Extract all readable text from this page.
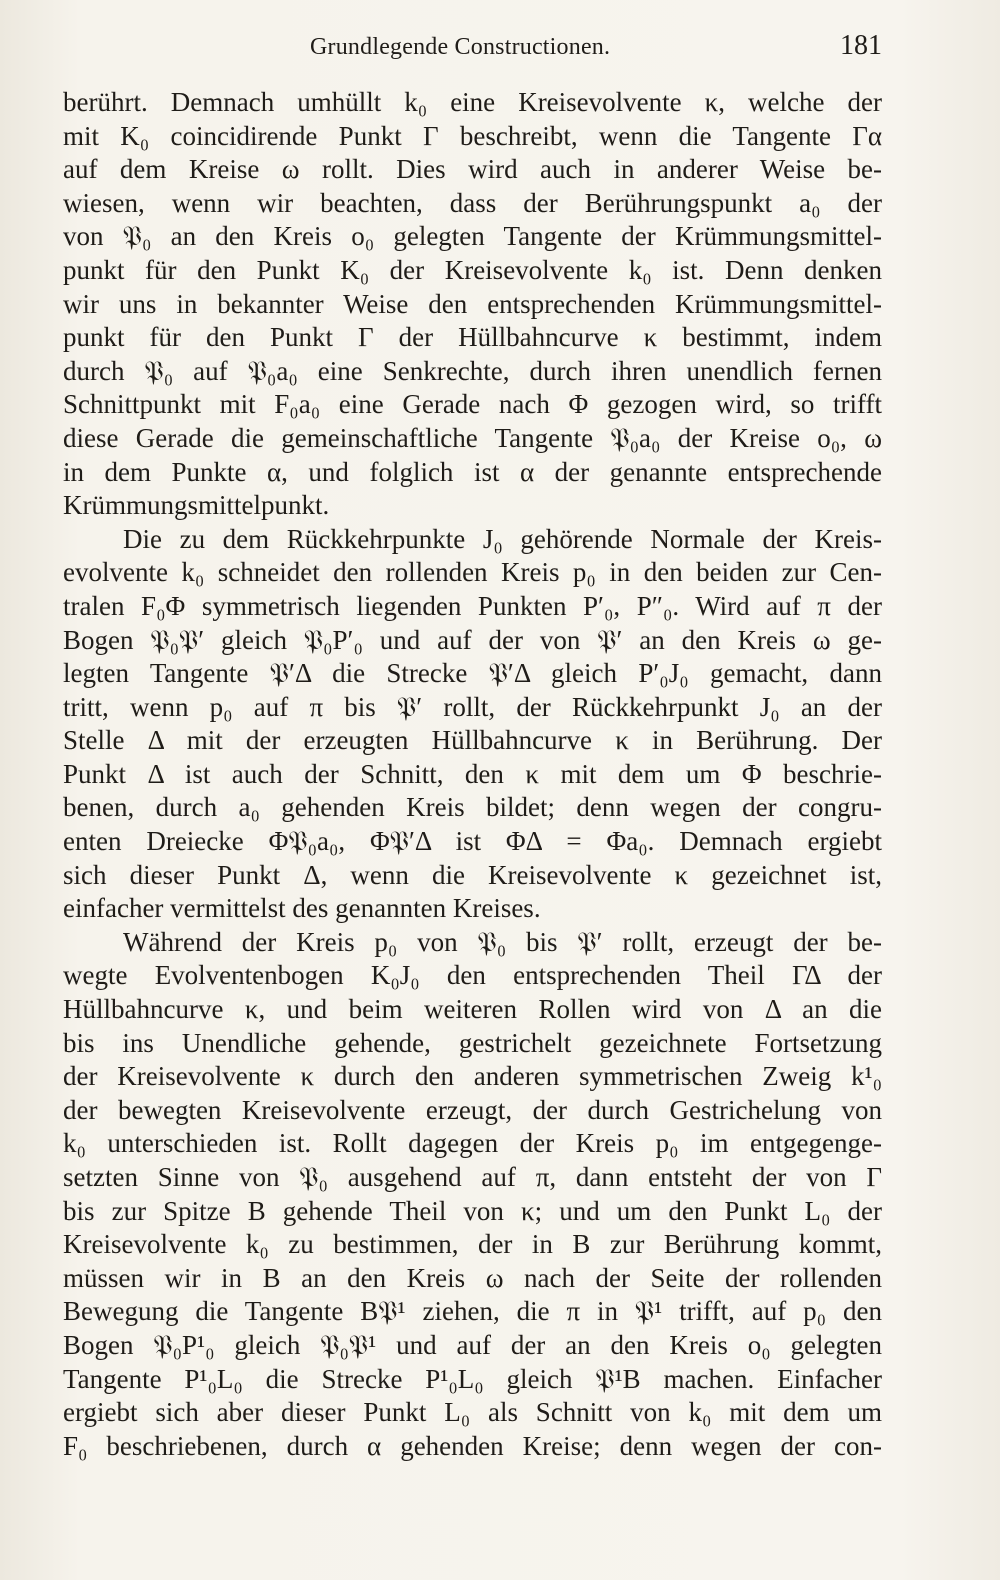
Grundlegende Constructionen.	181
berührt. Demnach umhüllt k₀ eine Kreisevolvente κ, welche der
mit K₀ coincidirende Punkt Γ beschreibt, wenn die Tangente Γα
auf dem Kreise ω rollt. Dies wird auch in anderer Weise be-
wiesen, wenn wir beachten, dass der Berührungspunkt a₀ der
von 𝔓₀ an den Kreis o₀ gelegten Tangente der Krümmungsmittel-
punkt für den Punkt K₀ der Kreisevolvente k₀ ist. Denn denken
wir uns in bekannter Weise den entsprechenden Krümmungsmittel-
punkt für den Punkt Γ der Hüllbahncurve κ bestimmt, indem
durch 𝔓₀ auf 𝔓₀a₀ eine Senkrechte, durch ihren unendlich fernen
Schnittpunkt mit F₀a₀ eine Gerade nach Φ gezogen wird, so trifft
diese Gerade die gemeinschaftliche Tangente 𝔓₀a₀ der Kreise o₀, ω
in dem Punkte α, und folglich ist α der genannte entsprechende
Krümmungsmittelpunkt.
Die zu dem Rückkehrpunkte J₀ gehörende Normale der Kreis-
evolvente k₀ schneidet den rollenden Kreis p₀ in den beiden zur Cen-
tralen F₀Φ symmetrisch liegenden Punkten P′₀, P″₀. Wird auf π der
Bogen 𝔓₀𝔓′ gleich 𝔓₀P′₀ und auf der von 𝔓′ an den Kreis ω ge-
legten Tangente 𝔓′Δ die Strecke 𝔓′Δ gleich P′₀J₀ gemacht, dann
tritt, wenn p₀ auf π bis 𝔓′ rollt, der Rückkehrpunkt J₀ an der
Stelle Δ mit der erzeugten Hüllbahncurve κ in Berührung. Der
Punkt Δ ist auch der Schnitt, den κ mit dem um Φ beschrie-
benen, durch a₀ gehenden Kreis bildet; denn wegen der congru-
enten Dreiecke Φ𝔓₀a₀, Φ𝔓′Δ ist ΦΔ = Φa₀. Demnach ergiebt
sich dieser Punkt Δ, wenn die Kreisevolvente κ gezeichnet ist,
einfacher vermittelst des genannten Kreises.
Während der Kreis p₀ von 𝔓₀ bis 𝔓′ rollt, erzeugt der be-
wegte Evolventenbogen K₀J₀ den entsprechenden Theil ΓΔ der
Hüllbahncurve κ, und beim weiteren Rollen wird von Δ an die
bis ins Unendliche gehende, gestrichelt gezeichnete Fortsetzung
der Kreisevolvente κ durch den anderen symmetrischen Zweig k¹₀
der bewegten Kreisevolvente erzeugt, der durch Gestrichelung von
k₀ unterschieden ist. Rollt dagegen der Kreis p₀ im entgegenge-
setzten Sinne von 𝔓₀ ausgehend auf π, dann entsteht der von Γ
bis zur Spitze B gehende Theil von κ; und um den Punkt L₀ der
Kreisevolvente k₀ zu bestimmen, der in B zur Berührung kommt,
müssen wir in B an den Kreis ω nach der Seite der rollenden
Bewegung die Tangente B𝔓¹ ziehen, die π in 𝔓¹ trifft, auf p₀ den
Bogen 𝔓₀P¹₀ gleich 𝔓₀𝔓¹ und auf der an den Kreis o₀ gelegten
Tangente P¹₀L₀ die Strecke P¹₀L₀ gleich 𝔓¹B machen. Einfacher
ergiebt sich aber dieser Punkt L₀ als Schnitt von k₀ mit dem um
F₀ beschriebenen, durch α gehenden Kreise; denn wegen der con-
